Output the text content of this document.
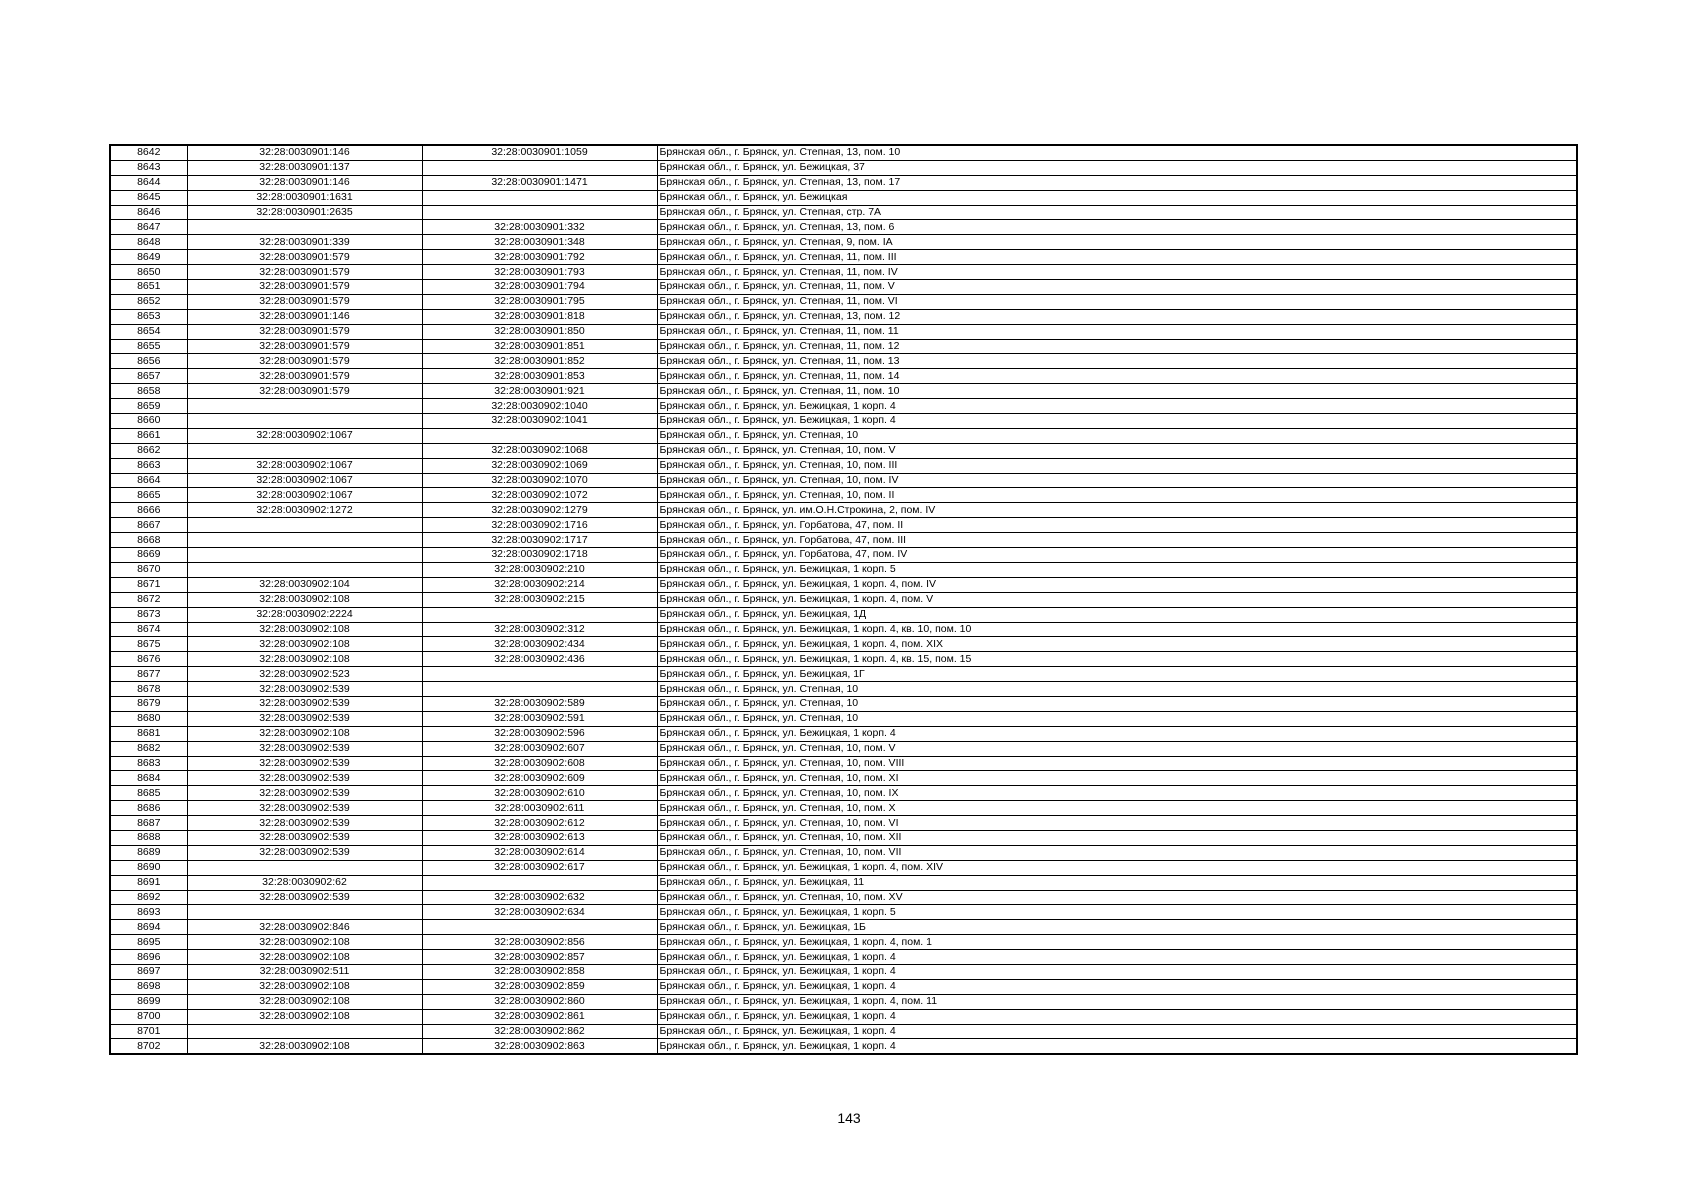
8642	32:28:0030901:146	32:28:0030901:1059	Брянская обл., г. Брянск, ул. Степная, 13, пом. 10
8643	32:28:0030901:137		Брянская обл., г. Брянск, ул. Бежицкая, 37
8644	32:28:0030901:146	32:28:0030901:1471	Брянская обл., г. Брянск, ул. Степная, 13, пом. 17
8645	32:28:0030901:1631		Брянская обл., г. Брянск, ул. Бежицкая
8646	32:28:0030901:2635		Брянская обл., г. Брянск, ул. Степная, стр. 7А
8647		32:28:0030901:332	Брянская обл., г. Брянск, ул. Степная, 13, пом. 6
8648	32:28:0030901:339	32:28:0030901:348	Брянская обл., г. Брянск, ул. Степная, 9, пом. IA
8649	32:28:0030901:579	32:28:0030901:792	Брянская обл., г. Брянск, ул. Степная, 11, пом. III
8650	32:28:0030901:579	32:28:0030901:793	Брянская обл., г. Брянск, ул. Степная, 11, пом. IV
8651	32:28:0030901:579	32:28:0030901:794	Брянская обл., г. Брянск, ул. Степная, 11, пом. V
8652	32:28:0030901:579	32:28:0030901:795	Брянская обл., г. Брянск, ул. Степная, 11, пом. VI
8653	32:28:0030901:146	32:28:0030901:818	Брянская обл., г. Брянск, ул. Степная, 13, пом. 12
8654	32:28:0030901:579	32:28:0030901:850	Брянская обл., г. Брянск, ул. Степная, 11, пом. 11
8655	32:28:0030901:579	32:28:0030901:851	Брянская обл., г. Брянск, ул. Степная, 11, пом. 12
8656	32:28:0030901:579	32:28:0030901:852	Брянская обл., г. Брянск, ул. Степная, 11, пом. 13
8657	32:28:0030901:579	32:28:0030901:853	Брянская обл., г. Брянск, ул. Степная, 11, пом. 14
8658	32:28:0030901:579	32:28:0030901:921	Брянская обл., г. Брянск, ул. Степная, 11, пом. 10
8659		32:28:0030902:1040	Брянская обл., г. Брянск, ул. Бежицкая, 1 корп. 4
8660		32:28:0030902:1041	Брянская обл., г. Брянск, ул. Бежицкая, 1 корп. 4
8661	32:28:0030902:1067		Брянская обл., г. Брянск, ул. Степная, 10
8662		32:28:0030902:1068	Брянская обл., г. Брянск, ул. Степная, 10, пом. V
8663	32:28:0030902:1067	32:28:0030902:1069	Брянская обл., г. Брянск, ул. Степная, 10, пом. III
8664	32:28:0030902:1067	32:28:0030902:1070	Брянская обл., г. Брянск, ул. Степная, 10, пом. IV
8665	32:28:0030902:1067	32:28:0030902:1072	Брянская обл., г. Брянск, ул. Степная, 10, пом. II
8666	32:28:0030902:1272	32:28:0030902:1279	Брянская обл., г. Брянск, ул. им.О.Н.Строкина, 2, пом. IV
8667		32:28:0030902:1716	Брянская обл., г. Брянск, ул. Горбатова, 47, пом. II
8668		32:28:0030902:1717	Брянская обл., г. Брянск, ул. Горбатова, 47, пом. III
8669		32:28:0030902:1718	Брянская обл., г. Брянск, ул. Горбатова, 47, пом. IV
8670		32:28:0030902:210	Брянская обл., г. Брянск, ул. Бежицкая, 1 корп. 5
8671	32:28:0030902:104	32:28:0030902:214	Брянская обл., г. Брянск, ул. Бежицкая, 1 корп. 4, пом. IV
8672	32:28:0030902:108	32:28:0030902:215	Брянская обл., г. Брянск, ул. Бежицкая, 1 корп. 4, пом. V
8673	32:28:0030902:2224		Брянская обл., г. Брянск, ул. Бежицкая, 1Д
8674	32:28:0030902:108	32:28:0030902:312	Брянская обл., г. Брянск, ул. Бежицкая, 1 корп. 4, кв. 10, пом. 10
8675	32:28:0030902:108	32:28:0030902:434	Брянская обл., г. Брянск, ул. Бежицкая, 1 корп. 4, пом. XIX
8676	32:28:0030902:108	32:28:0030902:436	Брянская обл., г. Брянск, ул. Бежицкая, 1 корп. 4, кв. 15, пом. 15
8677	32:28:0030902:523		Брянская обл., г. Брянск, ул. Бежицкая, 1Г
8678	32:28:0030902:539		Брянская обл., г. Брянск, ул. Степная, 10
8679	32:28:0030902:539	32:28:0030902:589	Брянская обл., г. Брянск, ул. Степная, 10
8680	32:28:0030902:539	32:28:0030902:591	Брянская обл., г. Брянск, ул. Степная, 10
8681	32:28:0030902:108	32:28:0030902:596	Брянская обл., г. Брянск, ул. Бежицкая, 1 корп. 4
8682	32:28:0030902:539	32:28:0030902:607	Брянская обл., г. Брянск, ул. Степная, 10, пом. V
8683	32:28:0030902:539	32:28:0030902:608	Брянская обл., г. Брянск, ул. Степная, 10, пом. VIII
8684	32:28:0030902:539	32:28:0030902:609	Брянская обл., г. Брянск, ул. Степная, 10, пом. XI
8685	32:28:0030902:539	32:28:0030902:610	Брянская обл., г. Брянск, ул. Степная, 10, пом. IX
8686	32:28:0030902:539	32:28:0030902:611	Брянская обл., г. Брянск, ул. Степная, 10, пом. X
8687	32:28:0030902:539	32:28:0030902:612	Брянская обл., г. Брянск, ул. Степная, 10, пом. VI
8688	32:28:0030902:539	32:28:0030902:613	Брянская обл., г. Брянск, ул. Степная, 10, пом. XII
8689	32:28:0030902:539	32:28:0030902:614	Брянская обл., г. Брянск, ул. Степная, 10, пом. VII
8690		32:28:0030902:617	Брянская обл., г. Брянск, ул. Бежицкая, 1 корп. 4, пом. XIV
8691	32:28:0030902:62		Брянская обл., г. Брянск, ул. Бежицкая, 11
8692	32:28:0030902:539	32:28:0030902:632	Брянская обл., г. Брянск, ул. Степная, 10, пом. XV
8693		32:28:0030902:634	Брянская обл., г. Брянск, ул. Бежицкая, 1 корп. 5
8694	32:28:0030902:846		Брянская обл., г. Брянск, ул. Бежицкая, 1Б
8695	32:28:0030902:108	32:28:0030902:856	Брянская обл., г. Брянск, ул. Бежицкая, 1 корп. 4, пом. 1
8696	32:28:0030902:108	32:28:0030902:857	Брянская обл., г. Брянск, ул. Бежицкая, 1 корп. 4
8697	32:28:0030902:511	32:28:0030902:858	Брянская обл., г. Брянск, ул. Бежицкая, 1 корп. 4
8698	32:28:0030902:108	32:28:0030902:859	Брянская обл., г. Брянск, ул. Бежицкая, 1 корп. 4
8699	32:28:0030902:108	32:28:0030902:860	Брянская обл., г. Брянск, ул. Бежицкая, 1 корп. 4, пом. 11
8700	32:28:0030902:108	32:28:0030902:861	Брянская обл., г. Брянск, ул. Бежицкая, 1 корп. 4
8701		32:28:0030902:862	Брянская обл., г. Брянск, ул. Бежицкая, 1 корп. 4
8702	32:28:0030902:108	32:28:0030902:863	Брянская обл., г. Брянск, ул. Бежицкая, 1 корп. 4
143
